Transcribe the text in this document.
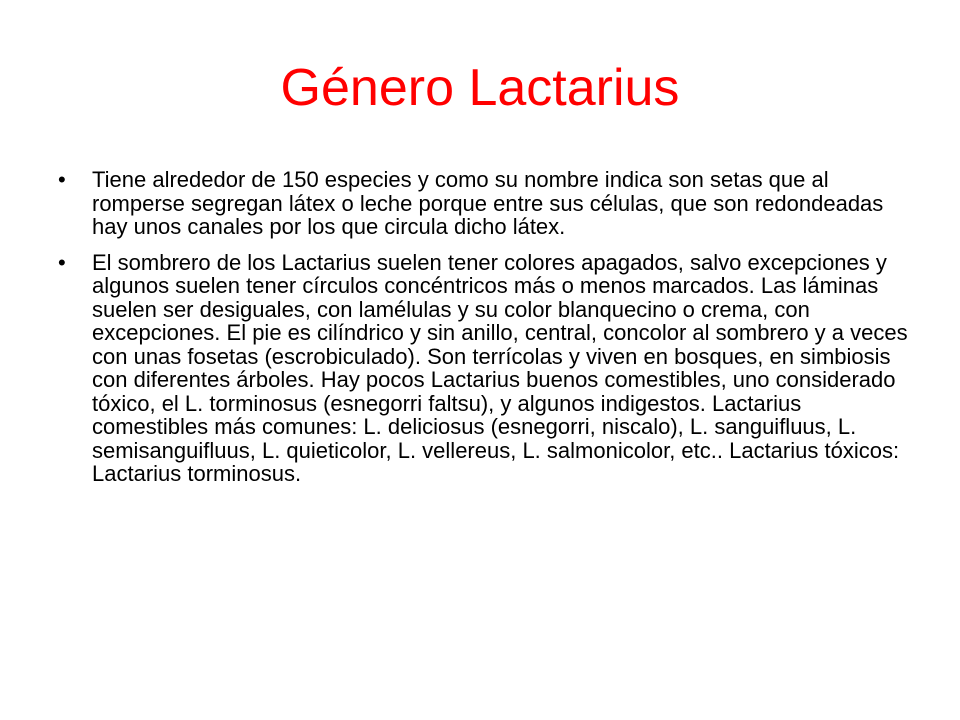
Género Lactarius
•	Tiene alrededor de 150 especies y como su nombre indica son setas que al romperse segregan látex o leche porque entre sus células, que son redondeadas hay unos canales por los que circula dicho látex.
•	El sombrero de los Lactarius suelen tener colores apagados, salvo excepciones y algunos suelen tener círculos concéntricos más o menos marcados. Las láminas suelen ser desiguales, con lamélulas y su color blanquecino o crema, con excepciones. El pie es cilíndrico y sin anillo, central, concolor al sombrero y a veces con unas fosetas (escrobiculado). Son terrícolas y viven en bosques, en simbiosis con diferentes árboles. Hay pocos Lactarius buenos comestibles, uno considerado tóxico, el L. torminosus (esnegorri faltsu), y algunos indigestos. Lactarius comestibles más comunes: L. deliciosus (esnegorri, niscalo), L. sanguifluus, L. semisanguifluus, L. quieticolor, L. vellereus, L. salmonicolor, etc.. Lactarius tóxicos: Lactarius torminosus.
